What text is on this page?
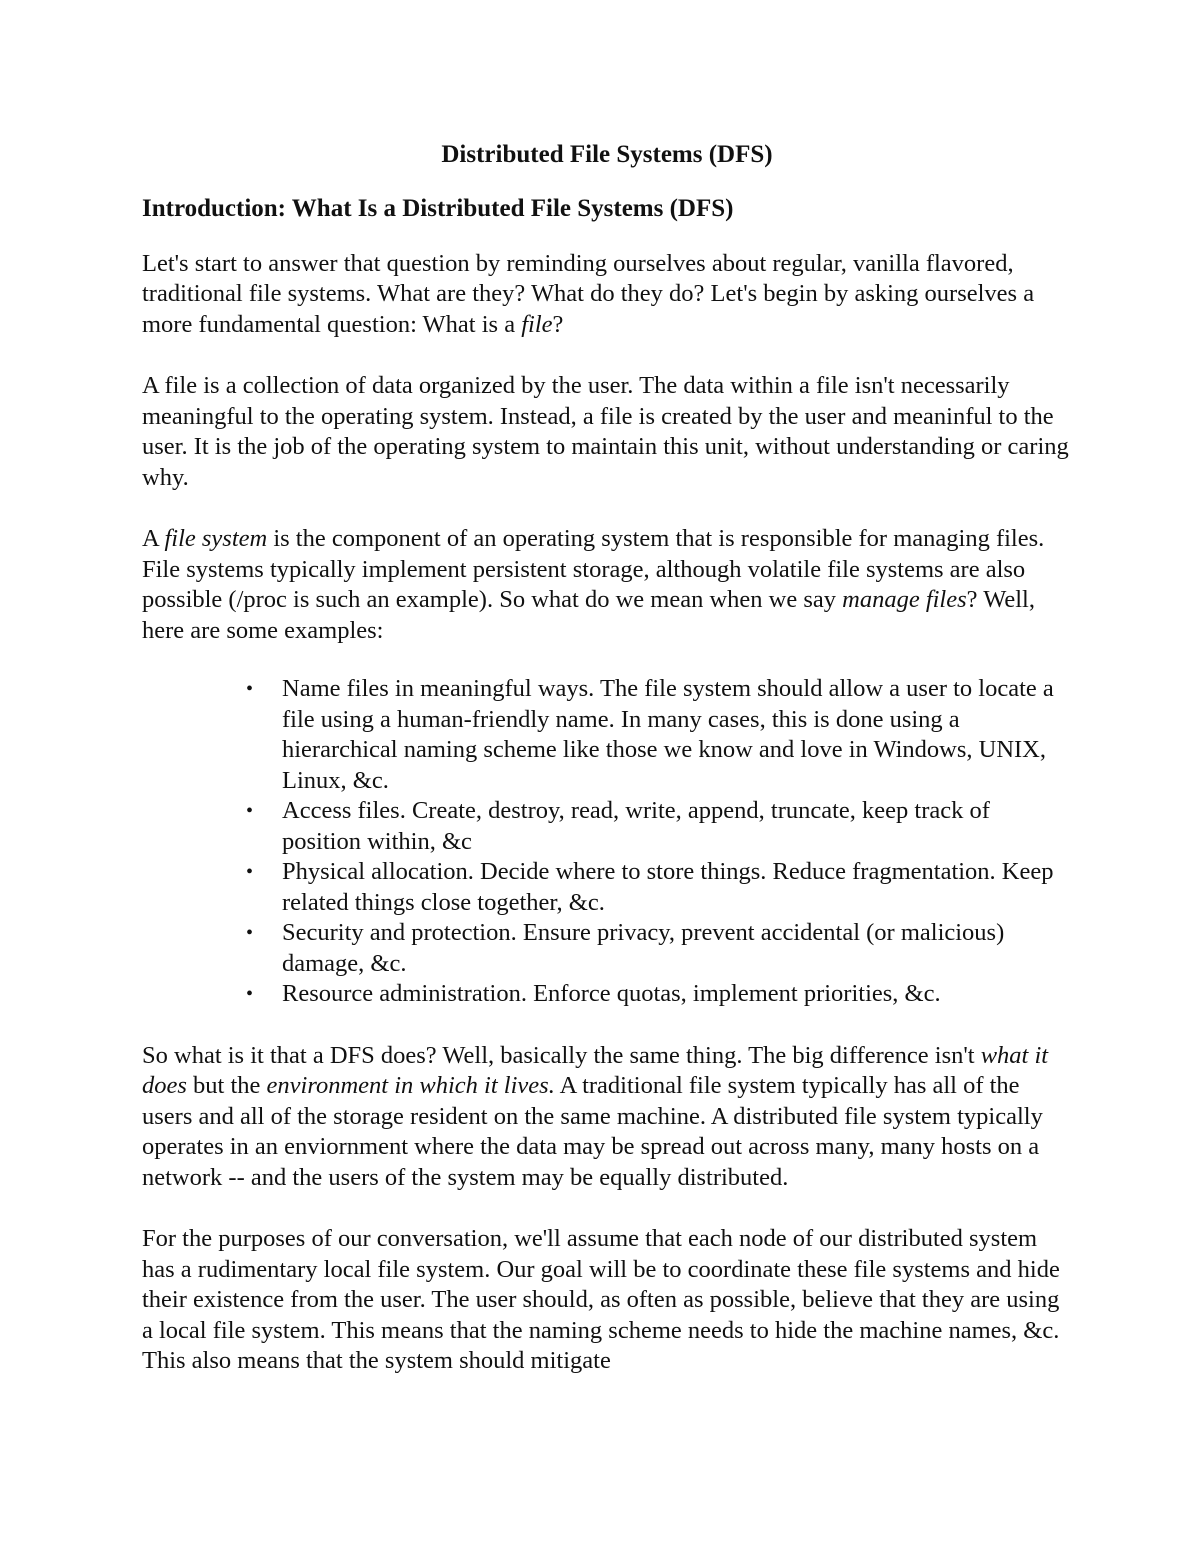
Distributed File Systems (DFS)
Introduction: What Is a Distributed File Systems (DFS)

Let's start to answer that question by reminding ourselves about regular, vanilla flavored, traditional file systems. What are they? What do they do? Let's begin by asking ourselves a more fundamental question: What is a file?

A file is a collection of data organized by the user. The data within a file isn't necessarily meaningful to the operating system. Instead, a file is created by the user and meaninful to the user. It is the job of the operating system to maintain this unit, without understanding or caring why.

A file system is the component of an operating system that is responsible for managing files. File systems typically implement persistent storage, although volatile file systems are also possible (/proc is such an example). So what do we mean when we say manage files? Well, here are some examples:

• Name files in meaningful ways. The file system should allow a user to locate a file using a human-friendly name. In many cases, this is done using a hierarchical naming scheme like those we know and love in Windows, UNIX, Linux, &c.
• Access files. Create, destroy, read, write, append, truncate, keep track of position within, &c
• Physical allocation. Decide where to store things. Reduce fragmentation. Keep related things close together, &c.
• Security and protection. Ensure privacy, prevent accidental (or malicious) damage, &c.
• Resource administration. Enforce quotas, implement priorities, &c.

So what is it that a DFS does? Well, basically the same thing. The big difference isn't what it does but the environment in which it lives. A traditional file system typically has all of the users and all of the storage resident on the same machine. A distributed file system typically operates in an enviornment where the data may be spread out across many, many hosts on a network -- and the users of the system may be equally distributed.

For the purposes of our conversation, we'll assume that each node of our distributed system has a rudimentary local file system. Our goal will be to coordinate these file systems and hide their existence from the user. The user should, as often as possible, believe that they are using a local file system. This means that the naming scheme needs to hide the machine names, &c. This also means that the system should mitigate
